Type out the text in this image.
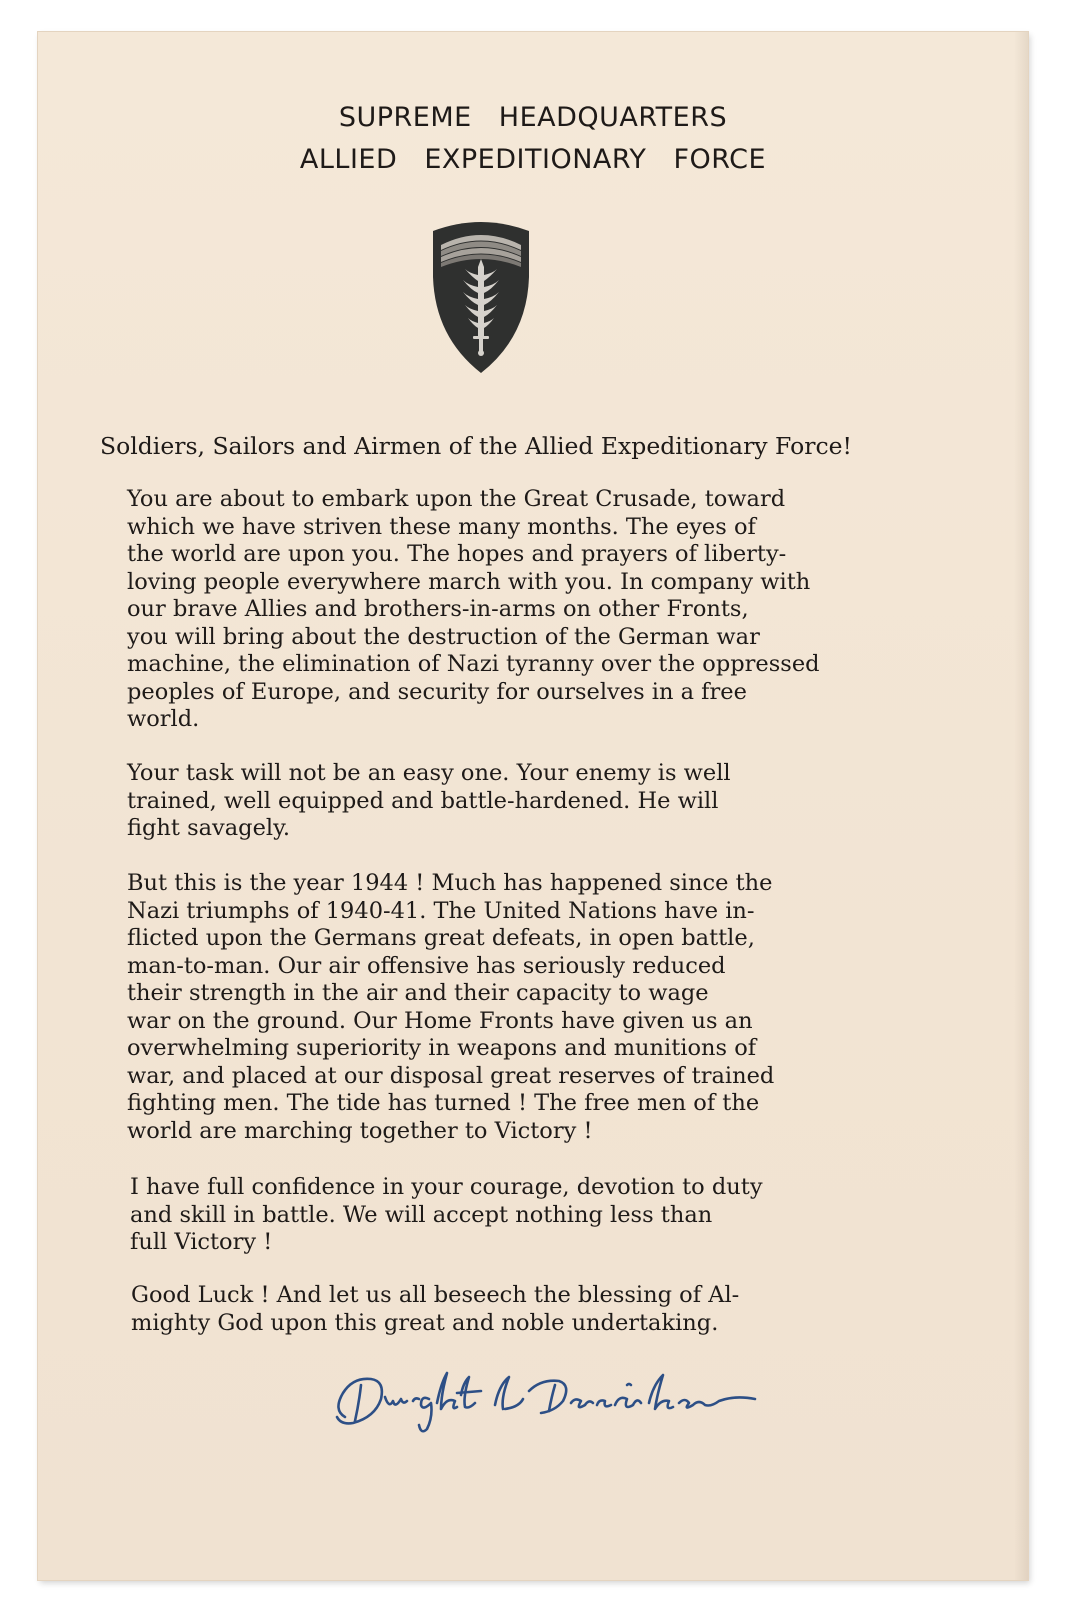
SUPREME HEADQUARTERS
ALLIED EXPEDITIONARY FORCE
Soldiers, Sailors and Airmen of the Allied Expeditionary Force!
You are about to embark upon the Great Crusade, toward
which we have striven these many months. The eyes of
the world are upon you. The hopes and prayers of liberty-
loving people everywhere march with you. In company with
our brave Allies and brothers-in-arms on other Fronts,
you will bring about the destruction of the German war
machine, the elimination of Nazi tyranny over the oppressed
peoples of Europe, and security for ourselves in a free
world.
Your task will not be an easy one. Your enemy is well
trained, well equipped and battle-hardened. He will
fight savagely.
But this is the year 1944 ! Much has happened since the
Nazi triumphs of 1940-41. The United Nations have in-
flicted upon the Germans great defeats, in open battle,
man-to-man. Our air offensive has seriously reduced
their strength in the air and their capacity to wage
war on the ground. Our Home Fronts have given us an
overwhelming superiority in weapons and munitions of
war, and placed at our disposal great reserves of trained
fighting men. The tide has turned ! The free men of the
world are marching together to Victory !
I have full confidence in your courage, devotion to duty
and skill in battle. We will accept nothing less than
full Victory !
Good Luck ! And let us all beseech the blessing of Al-
mighty God upon this great and noble undertaking.
